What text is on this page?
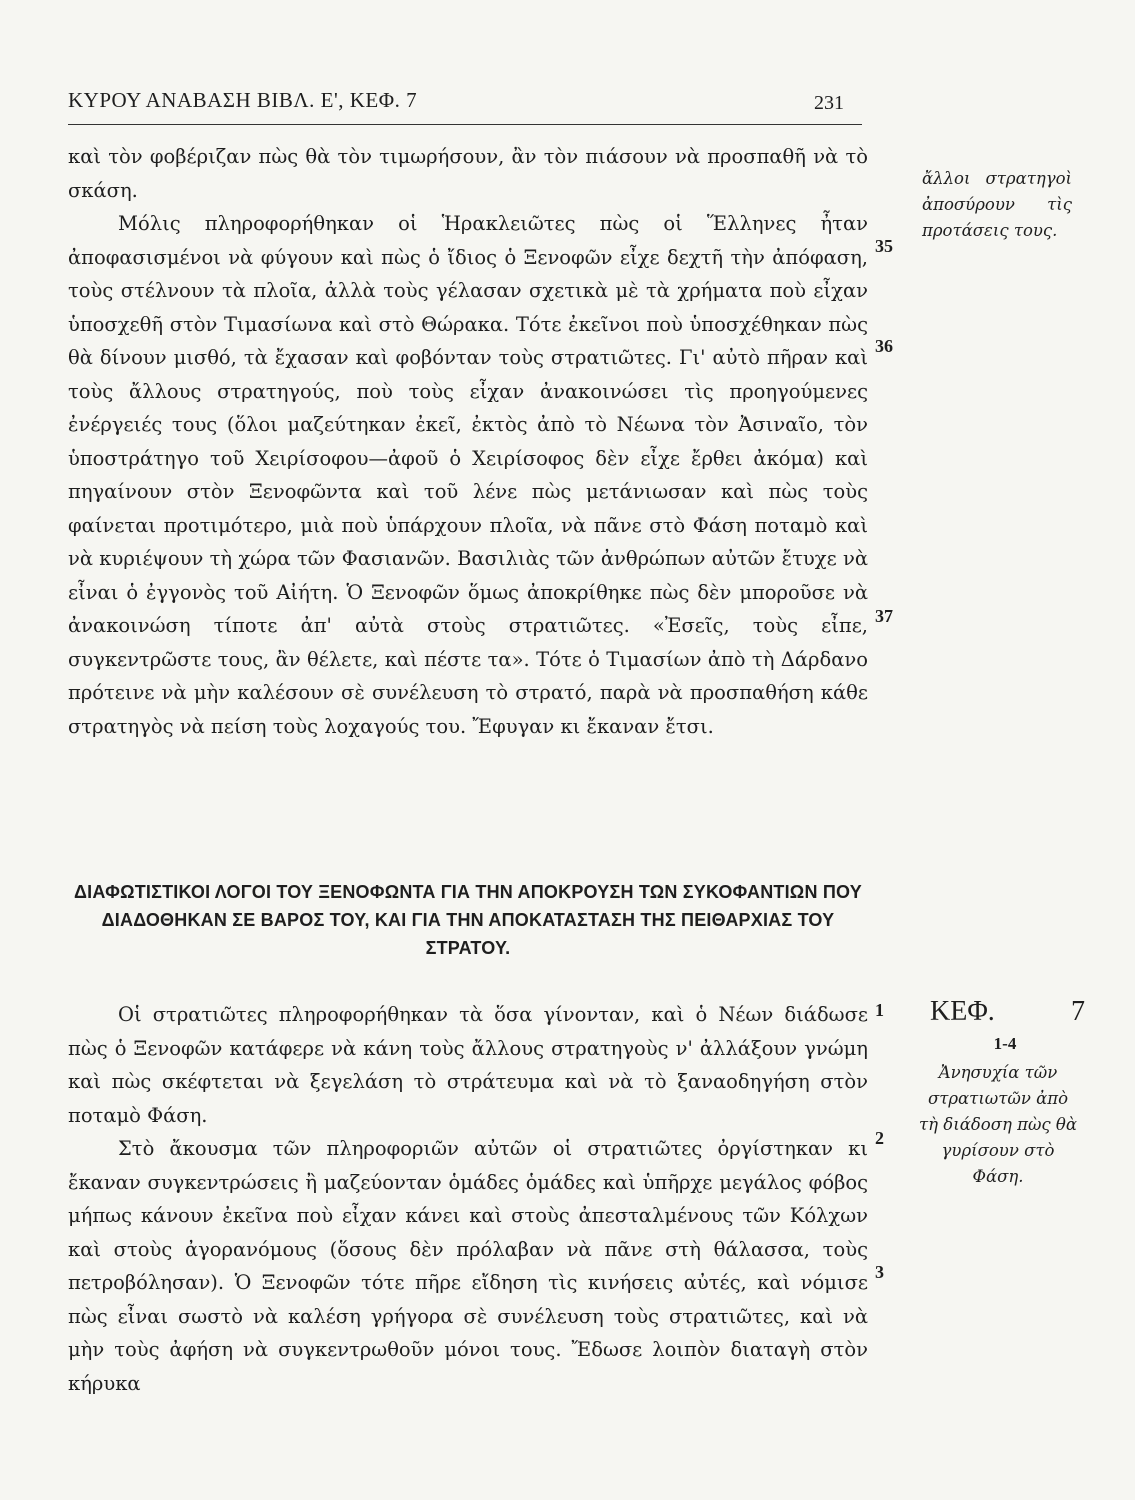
ΚΥΡΟΥ ΑΝΑΒΑΣΗ ΒΙΒΛ. Ε', ΚΕΦ. 7	231

καὶ τὸν φοβέριζαν πὼς θὰ τὸν τιμωρήσουν, ἂν τὸν πιάσουν νὰ προσπαθῆ νὰ τὸ σκάση.

Μόλις πληροφορήθηκαν οἱ Ἡρακλειῶτες πὼς οἱ Ἕλληνες ἦταν ἀποφασισμένοι νὰ φύγουν καὶ πὼς ὁ ἴδιος ὁ Ξενοφῶν εἶχε δεχτῆ τὴν ἀπόφαση, τοὺς στέλνουν τὰ πλοῖα, ἀλλὰ τοὺς γέλασαν σχετικὰ μὲ τὰ χρήματα ποὺ εἶχαν ὑποσχεθῆ στὸν Τιμασίωνα καὶ στὸ Θώρακα. Τότε ἐκεῖνοι ποὺ ὑποσχέθηκαν πὼς θὰ δίνουν μισθό, τὰ ἔχασαν καὶ φοβόνταν τοὺς στρατιῶτες. Γι' αὐτὸ πῆραν καὶ τοὺς ἄλλους στρατηγούς, ποὺ τοὺς εἶχαν ἀνακοινώσει τὶς προηγούμενες ἐνέργειές τους (ὅλοι μαζεύτηκαν ἐκεῖ, ἐκτὸς ἀπὸ τὸ Νέωνα τὸν Ἀσιναῖο, τὸν ὑποστράτηγο τοῦ Χειρίσοφου—ἀφοῦ ὁ Χειρίσοφος δὲν εἶχε ἔρθει ἀκόμα) καὶ πηγαίνουν στὸν Ξενοφῶντα καὶ τοῦ λένε πὼς μετάνιωσαν καὶ πὼς τοὺς φαίνεται προτιμότερο, μιὰ ποὺ ὑπάρχουν πλοῖα, νὰ πᾶνε στὸ Φάση ποταμὸ καὶ νὰ κυριέψουν τὴ χώρα τῶν Φασιανῶν. Βασιλιὰς τῶν ἀνθρώπων αὐτῶν ἔτυχε νὰ εἶναι ὁ ἐγγονὸς τοῦ Αἰήτη. Ὁ Ξενοφῶν ὅμως ἀποκρίθηκε πὼς δὲν μποροῦσε νὰ ἀνακοινώση τίποτε ἀπ' αὐτὰ στοὺς στρατιῶτες. «Ἐσεῖς, τοὺς εἶπε, συγκεντρῶστε τους, ἂν θέλετε, καὶ πέστε τα». Τότε ὁ Τιμασίων ἀπὸ τὴ Δάρδανο πρότεινε νὰ μὴν καλέσουν σὲ συνέλευση τὸ στρατό, παρὰ νὰ προσπαθήση κάθε στρατηγὸς νὰ πείση τοὺς λοχαγούς του. Ἔφυγαν κι ἔκαναν ἔτσι.

ΔΙΑΦΩΤΙΣΤΙΚΟΙ ΛΟΓΟΙ ΤΟΥ ΞΕΝΟΦΩΝΤΑ ΓΙΑ ΤΗΝ ΑΠΟΚΡΟΥΣΗ ΤΩΝ ΣΥΚΟΦΑΝΤΙΩΝ ΠΟΥ ΔΙΑΔΟΘΗΚΑΝ ΣΕ ΒΑΡΟΣ ΤΟΥ, ΚΑΙ ΓΙΑ ΤΗΝ ΑΠΟΚΑΤΑΣΤΑΣΗ ΤΗΣ ΠΕΙΘΑΡΧΙΑΣ ΤΟΥ ΣΤΡΑΤΟΥ.

Οἱ στρατιῶτες πληροφορήθηκαν τὰ ὅσα γίνονταν, καὶ ὁ Νέων διάδωσε πὼς ὁ Ξενοφῶν κατάφερε νὰ κάνη τοὺς ἄλλους στρατηγοὺς ν' ἀλλάξουν γνώμη καὶ πὼς σκέφτεται νὰ ξεγελάση τὸ στράτευμα καὶ νὰ τὸ ξαναοδηγήση στὸν ποταμὸ Φάση.

Στὸ ἄκουσμα τῶν πληροφοριῶν αὐτῶν οἱ στρατιῶτες ὀργίστηκαν κι ἔκαναν συγκεντρώσεις ἢ μαζεύονταν ὁμάδες ὁμάδες καὶ ὑπῆρχε μεγάλος φόβος μήπως κάνουν ἐκεῖνα ποὺ εἶχαν κάνει καὶ στοὺς ἀπεσταλμένους τῶν Κόλχων καὶ στοὺς ἀγορανόμους (ὅσους δὲν πρόλαβαν νὰ πᾶνε στὴ θάλασσα, τοὺς πετροβόλησαν). Ὁ Ξενοφῶν τότε πῆρε εἴδηση τὶς κινήσεις αὐτές, καὶ νόμισε πὼς εἶναι σωστὸ νὰ καλέση γρήγορα σὲ συνέλευση τοὺς στρατιῶτες, καὶ νὰ μὴν τοὺς ἀφήση νὰ συγκεντρωθοῦν μόνοι τους. Ἔδωσε λοιπὸν διαταγὴ στὸν κήρυκα

35
36
37
1
2
3
ἄλλοι στρατηγοὶ ἀποσύρουν τὶς προτάσεις τους.
ΚΕΦ.	7
1-4
Ἀνησυχία τῶν στρατιωτῶν ἀπὸ τὴ διάδοση πὼς θὰ γυρίσουν στὸ Φάση.
